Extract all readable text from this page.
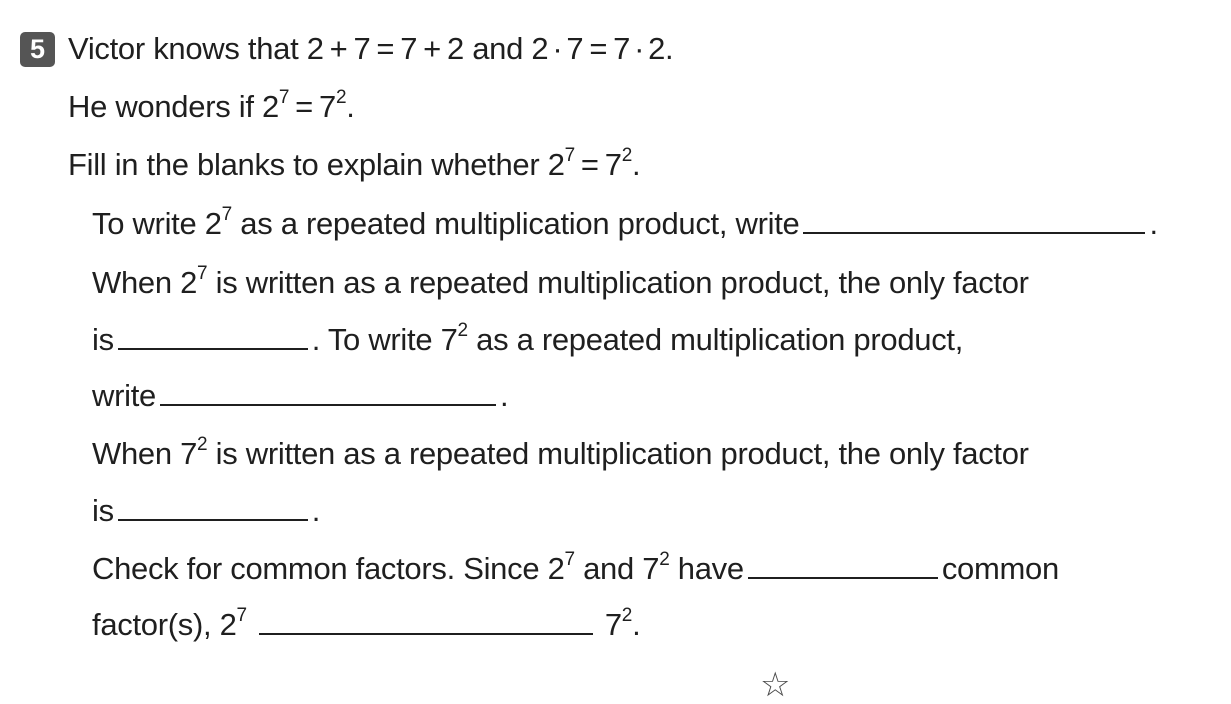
5 Victor knows that 2 + 7 = 7 + 2 and 2 · 7 = 7 · 2.
He wonders if $2^7 = 7^2$.
Fill in the blanks to explain whether $2^7 = 7^2$.
To write $2^7$ as a repeated multiplication product, write	.
When $2^7$ is written as a repeated multiplication product, the only factor
is	. To write $7^2$ as a repeated multiplication product,
write	.
When $7^2$ is written as a repeated multiplication product, the only factor
is	.
Check for common factors. Since $2^7$ and $7^2$ have	common
factor(s), $2^7$	$7^2$.
☆
